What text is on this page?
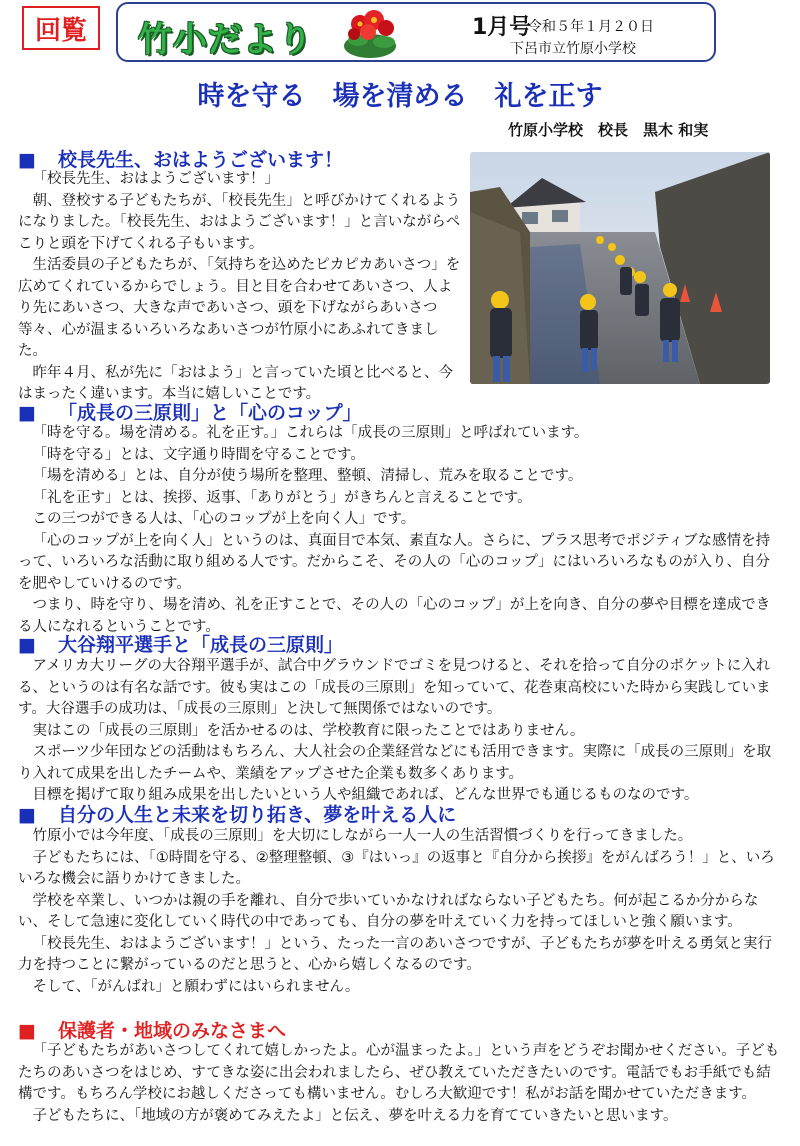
回覧	竹小だより	1月号
令和５年１月２０日
下呂市立竹原小学校
時を守る　場を清める　礼を正す
竹原小学校　校長　黒木 和実
■ 校長先生、おはようございます！

「校長先生、おはようございます！」

朝、登校する子どもたちが、「校長先生」と呼びかけてくれるようになりました。「校長先生、おはようございます！」と言いながらペこりと頭を下げてくれる子もいます。

生活委員の子どもたちが、「気持ちを込めたピカピカあいさつ」を広めてくれているからでしょう。目と目を合わせてあいさつ、人より先にあいさつ、大きな声であいさつ、頭を下げながらあいさつ等々、心が温まるいろいろなあいさつが竹原小にあふれてきました。

昨年４月、私が先に「おはよう」と言っていた頃と比べると、今はまったく違います。本当に嬉しいことです。

■ 「成長の三原則」と「心のコップ」

「時を守る。場を清める。礼を正す。」これらは「成長の三原則」と呼ばれています。

「時を守る」とは、文字通り時間を守ることです。

「場を清める」とは、自分が使う場所を整理、整頓、清掃し、荒みを取ることです。

「礼を正す」とは、挨拶、返事、「ありがとう」がきちんと言えることです。

この三つができる人は、「心のコップが上を向く人」です。

「心のコップが上を向く人」というのは、真面目で本気、素直な人。さらに、プラス思考でポジティブな感情を持って、いろいろな活動に取り組める人です。だからこそ、その人の「心のコップ」にはいろいろなものが入り、自分を肥やしていけるのです。

つまり、時を守り、場を清め、礼を正すことで、その人の「心のコップ」が上を向き、自分の夢や目標を達成できる人になれるということです。

■ 大谷翔平選手と「成長の三原則」

アメリカ大リーグの大谷翔平選手が、試合中グラウンドでゴミを見つけると、それを拾って自分のポケットに入れる、というのは有名な話です。彼も実はこの「成長の三原則」を知っていて、花巻東高校にいた時から実践しています。大谷選手の成功は、「成長の三原則」と決して無関係ではないのです。

実はこの「成長の三原則」を活かせるのは、学校教育に限ったことではありません。

スポーツ少年団などの活動はもちろん、大人社会の企業経営などにも活用できます。実際に「成長の三原則」を取り入れて成果を出したチームや、業績をアップさせた企業も数多くあります。

目標を掲げて取り組み成果を出したいという人や組織であれば、どんな世界でも通じるものなのです。

■ 自分の人生と未来を切り拓き、夢を叶える人に

竹原小では今年度、「成長の三原則」を大切にしながら一人一人の生活習慣づくりを行ってきました。

子どもたちには、「①時間を守る、②整理整頓、③『はいっ』の返事と『自分から挨拶』をがんばろう！」と、いろいろな機会に語りかけてきました。

学校を卒業し、いつかは親の手を離れ、自分で歩いていかなければならない子どもたち。何が起こるか分からない、そして急速に変化していく時代の中であっても、自分の夢を叶えていく力を持ってほしいと強く願います。

「校長先生、おはようございます！」という、たった一言のあいさつですが、子どもたちが夢を叶える勇気と実行力を持つことに繋がっているのだと思うと、心から嬉しくなるのです。

そして、「がんばれ」と願わずにはいられません。

■ 保護者・地域のみなさまへ

「子どもたちがあいさつしてくれて嬉しかったよ。心が温まったよ。」という声をどうぞお聞かせください。子どもたちのあいさつをはじめ、すてきな姿に出会われましたら、ぜひ教えていただきたいのです。電話でもお手紙でも結構です。もちろん学校にお越しくださっても構いません。むしろ大歓迎です！私がお話を聞かせていただきます。

子どもたちに、「地域の方が褒めてみえたよ」と伝え、夢を叶える力を育てていきたいと思います。
